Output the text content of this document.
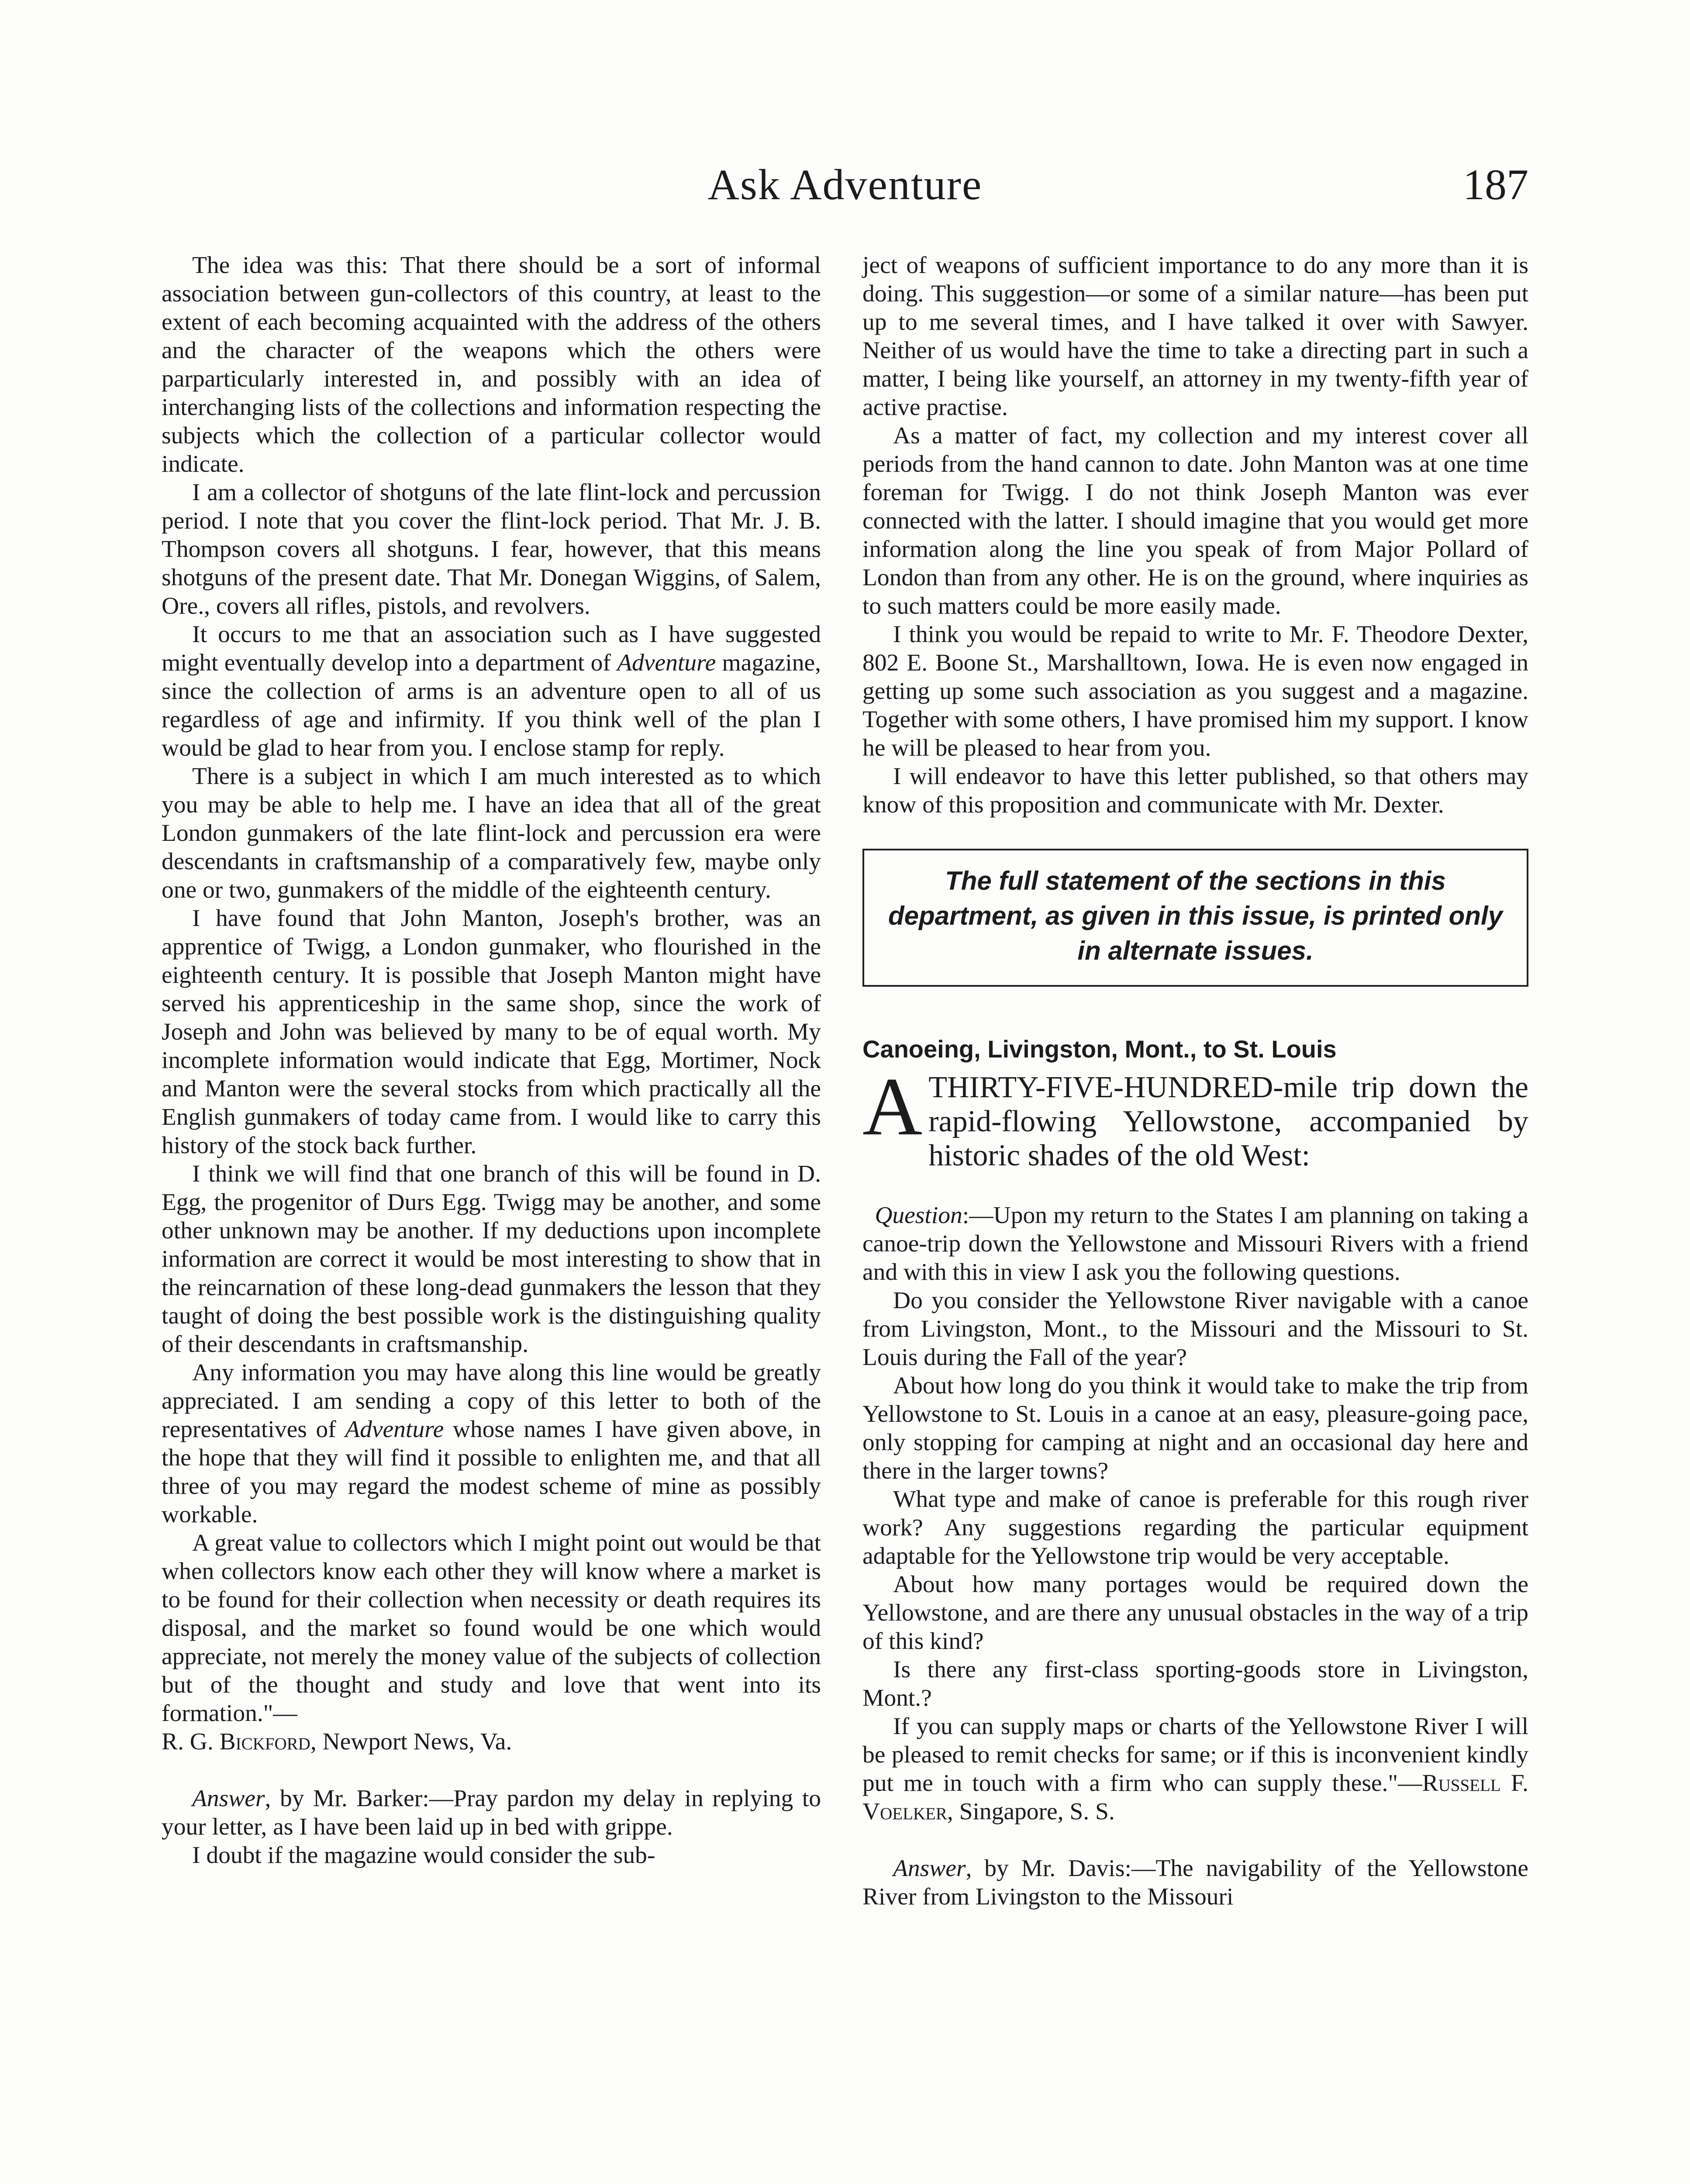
Ask Adventure	187

The idea was this: That there should be a sort of informal association between gun-collectors of this country, at least to the extent of each becoming acquainted with the address of the others and the character of the weapons which the others were parparticularly interested in, and possibly with an idea of interchanging lists of the collections and information respecting the subjects which the collection of a particular collector would indicate.

I am a collector of shotguns of the late flint-lock and percussion period. I note that you cover the flint-lock period. That Mr. J. B. Thompson covers all shotguns. I fear, however, that this means shotguns of the present date. That Mr. Donegan Wiggins, of Salem, Ore., covers all rifles, pistols, and revolvers.

It occurs to me that an association such as I have suggested might eventually develop into a department of Adventure magazine, since the collection of arms is an adventure open to all of us regardless of age and infirmity. If you think well of the plan I would be glad to hear from you. I enclose stamp for reply.

There is a subject in which I am much interested as to which you may be able to help me. I have an idea that all of the great London gunmakers of the late flint-lock and percussion era were descendants in craftsmanship of a comparatively few, maybe only one or two, gunmakers of the middle of the eighteenth century.

I have found that John Manton, Joseph's brother, was an apprentice of Twigg, a London gunmaker, who flourished in the eighteenth century. It is possible that Joseph Manton might have served his apprenticeship in the same shop, since the work of Joseph and John was believed by many to be of equal worth. My incomplete information would indicate that Egg, Mortimer, Nock and Manton were the several stocks from which practically all the English gunmakers of today came from. I would like to carry this history of the stock back further.

I think we will find that one branch of this will be found in D. Egg, the progenitor of Durs Egg. Twigg may be another, and some other unknown may be another. If my deductions upon incomplete information are correct it would be most interesting to show that in the reincarnation of these long-dead gunmakers the lesson that they taught of doing the best possible work is the distinguishing quality of their descendants in craftsmanship.

Any information you may have along this line would be greatly appreciated. I am sending a copy of this letter to both of the representatives of Adventure whose names I have given above, in the hope that they will find it possible to enlighten me, and that all three of you may regard the modest scheme of mine as possibly workable.

A great value to collectors which I might point out would be that when collectors know each other they will know where a market is to be found for their collection when necessity or death requires its disposal, and the market so found would be one which would appreciate, not merely the money value of the subjects of collection but of the thought and study and love that went into its formation."—

R. G. Bickford, Newport News, Va.

Answer, by Mr. Barker:—Pray pardon my delay in replying to your letter, as I have been laid up in bed with grippe.

I doubt if the magazine would consider the sub-

ject of weapons of sufficient importance to do any more than it is doing. This suggestion—or some of a similar nature—has been put up to me several times, and I have talked it over with Sawyer. Neither of us would have the time to take a directing part in such a matter, I being like yourself, an attorney in my twenty-fifth year of active practise.

As a matter of fact, my collection and my interest cover all periods from the hand cannon to date. John Manton was at one time foreman for Twigg. I do not think Joseph Manton was ever connected with the latter. I should imagine that you would get more information along the line you speak of from Major Pollard of London than from any other. He is on the ground, where inquiries as to such matters could be more easily made.

I think you would be repaid to write to Mr. F. Theodore Dexter, 802 E. Boone St., Marshalltown, Iowa. He is even now engaged in getting up some such association as you suggest and a magazine. Together with some others, I have promised him my support. I know he will be pleased to hear from you.

I will endeavor to have this letter published, so that others may know of this proposition and communicate with Mr. Dexter.

The full statement of the sections in this department, as given in this issue, is printed only in alternate issues.
Canoeing, Livingston, Mont., to St. Louis
ATHIRTY-FIVE-HUNDRED-mile trip down the rapid-flowing Yellowstone, accompanied by historic shades of the old West:

Question:—Upon my return to the States I am planning on taking a canoe-trip down the Yellowstone and Missouri Rivers with a friend and with this in view I ask you the following questions.

Do you consider the Yellowstone River navigable with a canoe from Livingston, Mont., to the Missouri and the Missouri to St. Louis during the Fall of the year?

About how long do you think it would take to make the trip from Yellowstone to St. Louis in a canoe at an easy, pleasure-going pace, only stopping for camping at night and an occasional day here and there in the larger towns?

What type and make of canoe is preferable for this rough river work? Any suggestions regarding the particular equipment adaptable for the Yellowstone trip would be very acceptable.

About how many portages would be required down the Yellowstone, and are there any unusual obstacles in the way of a trip of this kind?

Is there any first-class sporting-goods store in Livingston, Mont.?

If you can supply maps or charts of the Yellowstone River I will be pleased to remit checks for same; or if this is inconvenient kindly put me in touch with a firm who can supply these."—Russell F. Voelker, Singapore, S. S.

Answer, by Mr. Davis:—The navigability of the Yellowstone River from Livingston to the Missouri
